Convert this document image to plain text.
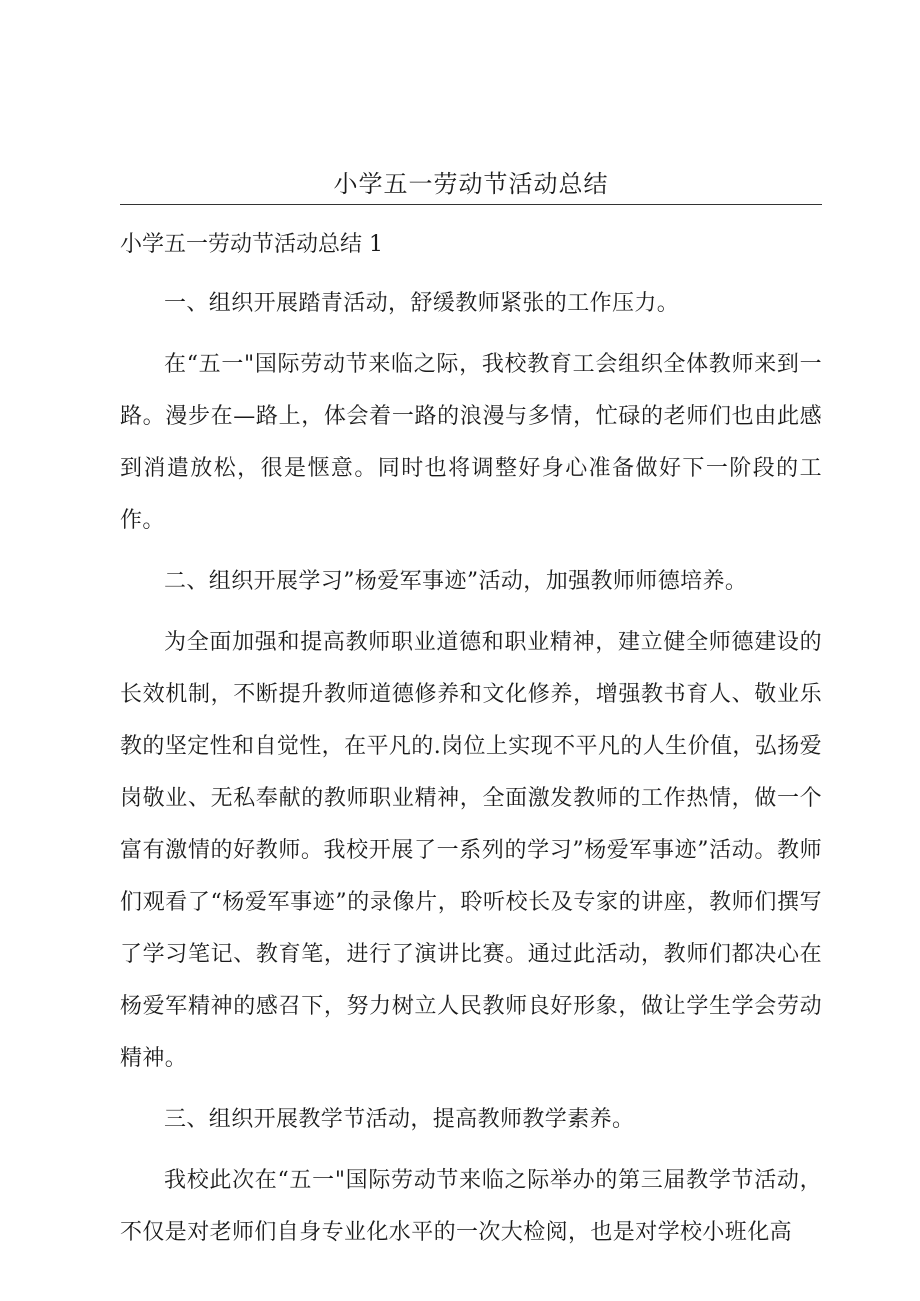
小学五一劳动节活动总结

小学五一劳动节活动总结 1

一、组织开展踏青活动，舒缓教师紧张的工作压力。

在“五一"国际劳动节来临之际，我校教育工会组织全体教师来到一路。漫步在—路上，体会着一路的浪漫与多情，忙碌的老师们也由此感到消遣放松，很是惬意。同时也将调整好身心准备做好下一阶段的工作。

二、组织开展学习”杨爱军事迹”活动，加强教师师德培养。

为全面加强和提高教师职业道德和职业精神，建立健全师德建设的长效机制，不断提升教师道德修养和文化修养，增强教书育人、敬业乐教的坚定性和自觉性，在平凡的.岗位上实现不平凡的人生价值，弘扬爱岗敬业、无私奉献的教师职业精神，全面激发教师的工作热情，做一个富有激情的好教师。我校开展了一系列的学习”杨爱军事迹”活动。教师们观看了“杨爱军事迹”的录像片，聆听校长及专家的讲座，教师们撰写了学习笔记、教育笔，进行了演讲比赛。通过此活动，教师们都决心在杨爱军精神的感召下，努力树立人民教师良好形象，做让学生学会劳动精神。

三、组织开展教学节活动，提高教师教学素养。

我校此次在“五一"国际劳动节来临之际举办的第三届教学节活动，不仅是对老师们自身专业化水平的一次大检阅，也是对学校小班化高
